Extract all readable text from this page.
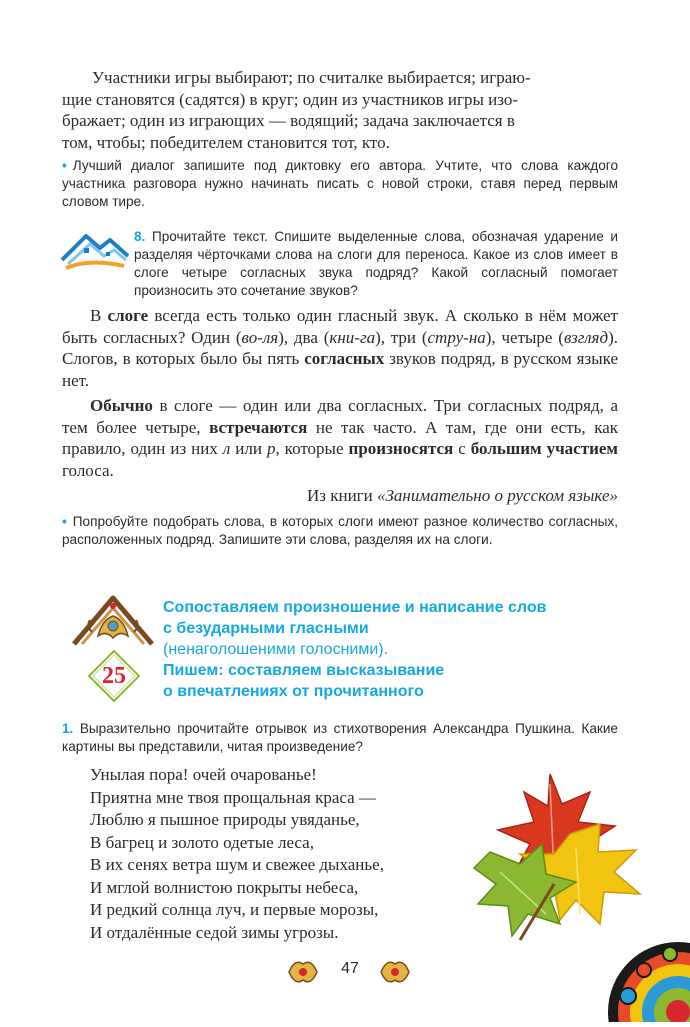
Участники игры выбирают; по считалке выбирается; играю-
щие становятся (садятся) в круг; один из участников игры изо-
бражает; один из играющих — водящий; задача заключается в
том, чтобы; победителем становится тот, кто.
• Лучший диалог запишите под диктовку его автора. Учтите, что слова каждого участника разговора нужно начинать писать с новой строки, ставя перед первым словом тире.
8. Прочитайте текст. Спишите выделенные слова, обозначая ударение и разделяя чёрточками слова на слоги для переноса. Какое из слов имеет в слоге четыре согласных звука подряд? Какой согласный помогает произносить это сочетание звуков?
В слоге всегда есть только один гласный звук. А сколько в нём может быть согласных? Один (во-ля), два (кни-га), три (стру-на), четыре (взгляд). Слогов, в которых было бы пять согласных звуков подряд, в русском языке нет.
Обычно в слоге — один или два согласных. Три согласных подряд, а тем более четыре, встречаются не так часто. А там, где они есть, как правило, один из них л или р, которые произносятся с большим участием голоса.
Из книги «Занимательно о русском языке»
• Попробуйте подобрать слова, в которых слоги имеют разное количество согласных, расположенных подряд. Запишите эти слова, разделяя их на слоги.
25
Сопоставляем произношение и написание слов
с безударными гласными
(ненаголошеними голосними).
Пишем: составляем высказывание
о впечатлениях от прочитанного
1. Выразительно прочитайте отрывок из стихотворения Александра Пушкина. Какие картины вы представили, читая произведение?
Унылая пора! очей очарованье!
Приятна мне твоя прощальная краса —
Люблю я пышное природы увяданье,
В багрец и золото одетые леса,
В их сенях ветра шум и свежее дыханье,
И мглой волнистою покрыты небеса,
И редкий солнца луч, и первые морозы,
И отдалённые седой зимы угрозы.
47
